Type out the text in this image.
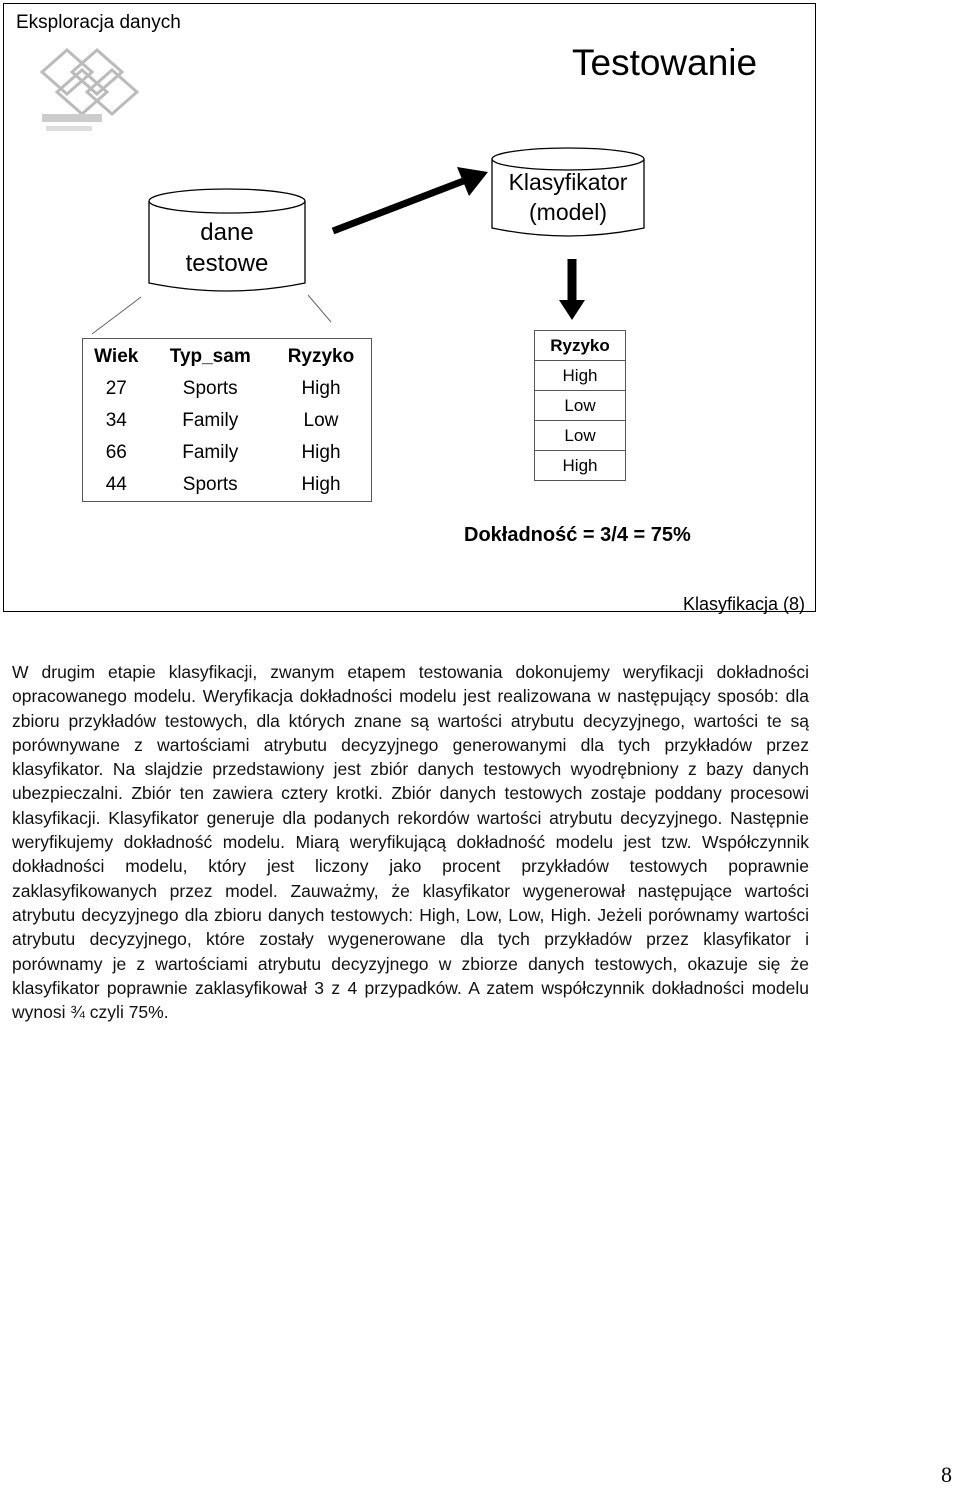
Eksploracja danych
Testowanie
dane
testowe
Klasyfikator
(model)
Wiek	Typ_sam	Ryzyko
27	Sports	High
34	Family	Low
66	Family	High
44	Sports	High
Ryzyko
High
Low
Low
High
Dokładność = 3/4 = 75%
Klasyfikacja (8)
W drugim etapie klasyfikacji, zwanym etapem testowania dokonujemy weryfikacji dokładności opracowanego modelu. Weryfikacja dokładności modelu jest realizowana w następujący sposób: dla zbioru przykładów testowych, dla których znane są wartości atrybutu decyzyjnego, wartości te są porównywane z wartościami atrybutu decyzyjnego generowanymi dla tych przykładów przez klasyfikator. Na slajdzie przedstawiony jest zbiór danych testowych wyodrębniony z bazy danych ubezpieczalni. Zbiór ten zawiera cztery krotki. Zbiór danych testowych zostaje poddany procesowi klasyfikacji. Klasyfikator generuje dla podanych rekordów wartości atrybutu decyzyjnego. Następnie weryfikujemy dokładność modelu. Miarą weryfikującą dokładność modelu jest tzw. Współczynnik dokładności modelu, który jest liczony jako procent przykładów testowych poprawnie zaklasyfikowanych przez model. Zauważmy, że klasyfikator wygenerował następujące wartości atrybutu decyzyjnego dla zbioru danych testowych: High, Low, Low, High. Jeżeli porównamy wartości atrybutu decyzyjnego, które zostały wygenerowane dla tych przykładów przez klasyfikator i porównamy je z wartościami atrybutu decyzyjnego w zbiorze danych testowych, okazuje się że klasyfikator poprawnie zaklasyfikował 3 z 4 przypadków. A zatem współczynnik dokładności modelu wynosi ¾ czyli 75%.
8
